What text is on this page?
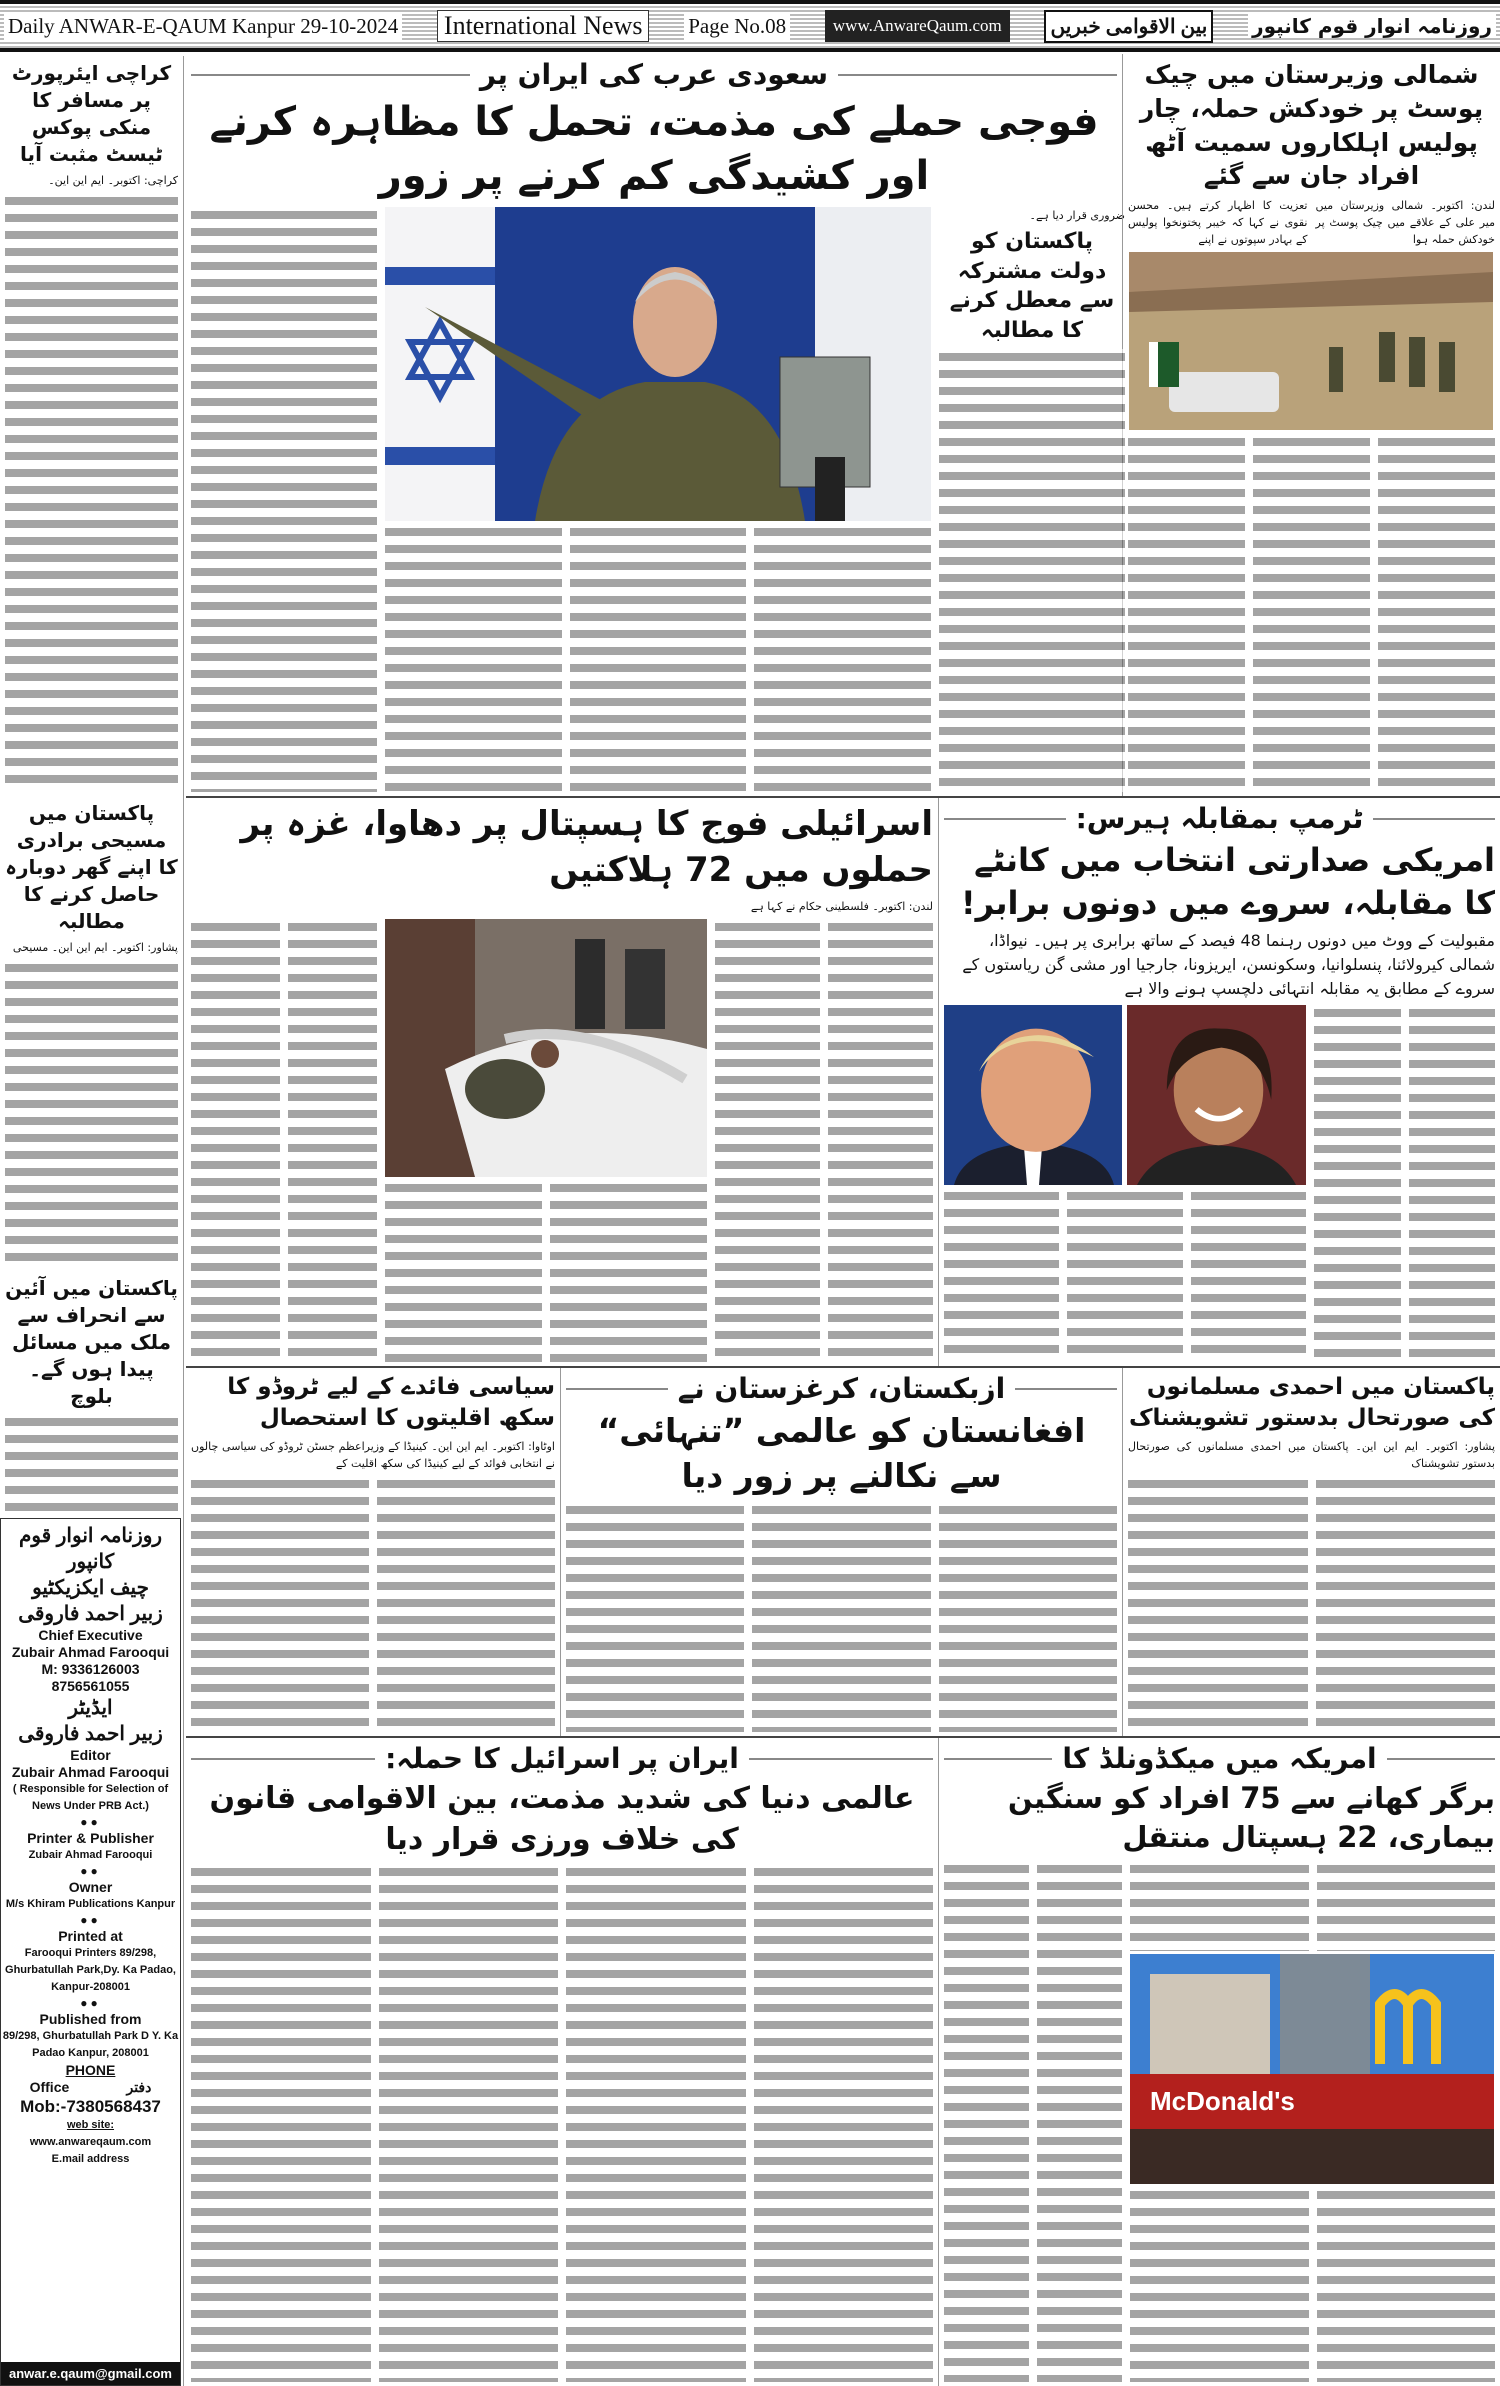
Daily ANWAR-E-QAUM Kanpur 29-10-2024 International News	Page No.08	www.AnwareQaum.com	بین الاقوامی خبریں	روزنامہ انوار قوم کانپور
کراچی ایئرپورٹ پر مسافر کا منکی پوکس ٹیسٹ مثبت آیا

کراچی: اکتوبر۔ ایم این این۔

پاکستان میں مسیحی برادری کا اپنے گھر دوبارہ حاصل کرنے کا مطالبہ

پشاور: اکتوبر۔ ایم این این۔ مسیحی

پاکستان میں آئین سے انحراف سے ملک میں مسائل پیدا ہوں گے۔ بلوچ
روزنامہ انوار قوم کانپور
چیف ایکزیکٹیو
زبیر احمد فاروقی
Chief Executive
Zubair Ahmad Farooqui
M: 9336126003
8756561055
ایڈیٹر
زبیر احمد فاروقی
Editor
Zubair Ahmad Farooqui
( Responsible for Selection of News Under PRB Act.)
●●
Printer & Publisher
Zubair Ahmad Farooqui
●●
Owner
M/s Khiram Publications Kanpur
●●
Printed at
Farooqui Printers 89/298, Ghurbatullah Park,Dy. Ka Padao, Kanpur-208001
●●
Published from
89/298, Ghurbatullah Park D Y. Ka Padao Kanpur, 208001
PHONE
Office	دفتر
Mob:-7380568437
web site:
www.anwareqaum.com
E.mail address
anwar.e.qaum@gmail.com
سعودی عرب کی ایران پر
فوجی حملے کی مذمت، تحمل کا مظاہرہ کرنے اور کشیدگی کم کرنے پر زور

ضروری قرار دیا ہے۔

پاکستان کو دولت مشترکہ سے معطل کرنے کا مطالبہ
شمالی وزیرستان میں چیک پوسٹ پر خودکش حملہ، چار پولیس اہلکاروں سمیت آٹھ افراد جان سے گئے

لندن: اکتوبر۔ شمالی وزیرستان میں میر علی کے علاقے میں چیک پوسٹ پر خودکش حملہ ہوا

تعزیت کا اظہار کرتے ہیں۔ محسن نقوی نے کہا کہ خیبر پختونخوا پولیس کے بہادر سپوتوں نے اپنے

اسرائیلی فوج کا ہسپتال پر دھاوا، غزہ پر حملوں میں 72 ہلاکتیں

لندن: اکتوبر۔ فلسطینی حکام نے کہا ہے

ٹرمپ بمقابلہ ہیرس:
امریکی صدارتی انتخاب میں کانٹے کا مقابلہ، سروے میں دونوں برابر!
مقبولیت کے ووٹ میں دونوں رہنما 48 فیصد کے ساتھ برابری پر ہیں۔ نیواڈا، شمالی کیرولائنا، پنسلوانیا، وسکونسن، ایریزونا، جارجیا اور مشی گن ریاستوں کے سروے کے مطابق یہ مقابلہ انتہائی دلچسپ ہونے والا ہے
سیاسی فائدے کے لیے ٹروڈو کا سکھ اقلیتوں کا استحصال

اوٹاوا: اکتوبر۔ ایم این این۔ کینیڈا کے وزیراعظم جسٹن ٹروڈو کی سیاسی چالوں نے انتخابی فوائد کے لیے کینیڈا کی سکھ اقلیت کے

ازبکستان، کرغزستان نے
افغانستان کو عالمی ”تنہائی“ سے نکالنے پر زور دیا
پاکستان میں احمدی مسلمانوں کی صورتحال بدستور تشویشناک

پشاور: اکتوبر۔ ایم این این۔ پاکستان میں احمدی مسلمانوں کی صورتحال بدستور تشویشناک

ایران پر اسرائیل کا حملہ:
عالمی دنیا کی شدید مذمت، بین الاقوامی قانون کی خلاف ورزی قرار دیا
امریکہ میں میکڈونلڈ کا
برگر کھانے سے 75 افراد کو سنگین بیماری، 22 ہسپتال منتقل
McDonald's
